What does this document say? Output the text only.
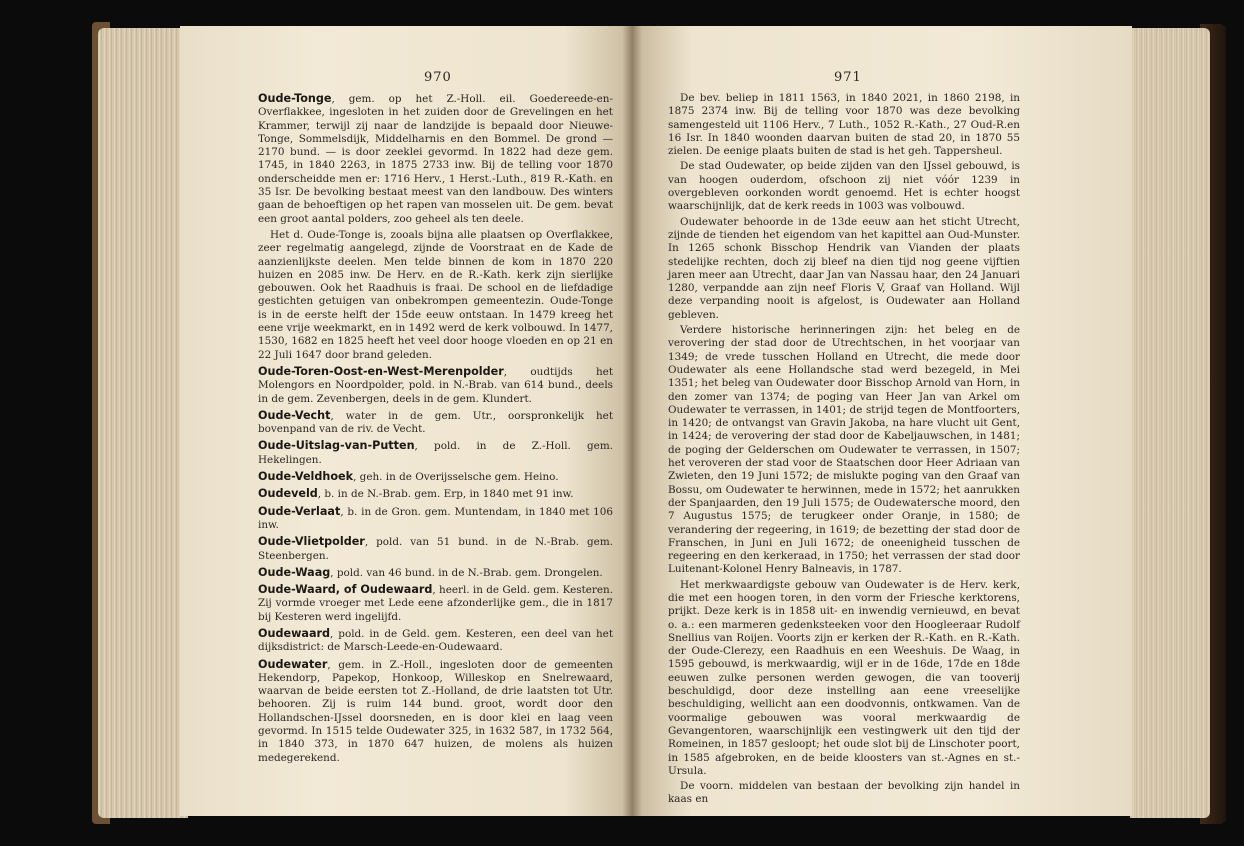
970	971

Oude-Tonge, gem. op het Z.-Holl. eil. Goedereede-en-Overflakkee, ingesloten in het zuiden door de Grevelingen en het Krammer, terwijl zij naar de landzijde is bepaald door Nieuwe-Tonge, Sommelsdijk, Middelharnis en den Bommel. De grond — 2170 bund. — is door zeeklei gevormd. In 1822 had deze gem. 1745, in 1840 2263, in 1875 2733 inw. Bij de telling voor 1870 onderscheidde men er: 1716 Herv., 1 Herst.-Luth., 819 R.-Kath. en 35 Isr. De bevolking bestaat meest van den landbouw. Des winters gaan de behoeftigen op het rapen van mosselen uit. De gem. bevat een groot aantal polders, zoo geheel als ten deele.

Het d. Oude-Tonge is, zooals bijna alle plaatsen op Overflakkee, zeer regelmatig aangelegd, zijnde de Voorstraat en de Kade de aanzienlijkste deelen. Men telde binnen de kom in 1870 220 huizen en 2085 inw. De Herv. en de R.-Kath. kerk zijn sierlijke gebouwen. Ook het Raadhuis is fraai. De school en de liefdadige gestichten getuigen van onbekrompen gemeentezin. Oude-Tonge is in de eerste helft der 15de eeuw ontstaan. In 1479 kreeg het eene vrije weekmarkt, en in 1492 werd de kerk volbouwd. In 1477, 1530, 1682 en 1825 heeft het veel door hooge vloeden en op 21 en 22 Juli 1647 door brand geleden.

Oude-Toren-Oost-en-West-Merenpolder, oudtijds het Molengors en Noordpolder, pold. in N.-Brab. van 614 bund., deels in de gem. Zevenbergen, deels in de gem. Klundert.

Oude-Vecht, water in de gem. Utr., oorspronkelijk het bovenpand van de riv. de Vecht.

Oude-Uitslag-van-Putten, pold. in de Z.-Holl. gem. Hekelingen.

Oude-Veldhoek, geh. in de Overijsselsche gem. Heino.

Oudeveld, b. in de N.-Brab. gem. Erp, in 1840 met 91 inw.

Oude-Verlaat, b. in de Gron. gem. Muntendam, in 1840 met 106 inw.

Oude-Vlietpolder, pold. van 51 bund. in de N.-Brab. gem. Steenbergen.

Oude-Waag, pold. van 46 bund. in de N.-Brab. gem. Drongelen.

Oude-Waard, of Oudewaard, heerl. in de Geld. gem. Kesteren. Zij vormde vroeger met Lede eene afzonderlijke gem., die in 1817 bij Kesteren werd ingelijfd.

Oudewaard, pold. in de Geld. gem. Kesteren, een deel van het dijksdistrict: de Marsch-Leede-en-Oudewaard.

Oudewater, gem. in Z.-Holl., ingesloten door de gemeenten Hekendorp, Papekop, Honkoop, Willeskop en Snelrewaard, waarvan de beide eersten tot Z.-Holland, de drie laatsten tot Utr. behooren. Zij is ruim 144 bund. groot, wordt door den Hollandschen-IJssel doorsneden, en is door klei en laag veen gevormd. In 1515 telde Oudewater 325, in 1632 587, in 1732 564, in 1840 373, in 1870 647 huizen, de molens als huizen medegerekend.

De bev. beliep in 1811 1563, in 1840 2021, in 1860 2198, in 1875 2374 inw. Bij de telling voor 1870 was deze bevolking samengesteld uit 1106 Herv., 7 Luth., 1052 R.-Kath., 27 Oud-R.en 16 Isr. In 1840 woonden daarvan buiten de stad 20, in 1870 55 zielen. De eenige plaats buiten de stad is het geh. Tappersheul.

De stad Oudewater, op beide zijden van den IJssel gebouwd, is van hoogen ouderdom, ofschoon zij niet vóór 1239 in overgebleven oorkonden wordt genoemd. Het is echter hoogst waarschijnlijk, dat de kerk reeds in 1003 was volbouwd.

Oudewater behoorde in de 13de eeuw aan het sticht Utrecht, zijnde de tienden het eigendom van het kapittel aan Oud-Munster. In 1265 schonk Bisschop Hendrik van Vianden der plaats stedelijke rechten, doch zij bleef na dien tijd nog geene vijftien jaren meer aan Utrecht, daar Jan van Nassau haar, den 24 Januari 1280, verpandde aan zijn neef Floris V, Graaf van Holland. Wijl deze verpanding nooit is afgelost, is Oudewater aan Holland gebleven.

Verdere historische herinneringen zijn: het beleg en de verovering der stad door de Utrechtschen, in het voorjaar van 1349; de vrede tusschen Holland en Utrecht, die mede door Oudewater als eene Hollandsche stad werd bezegeld, in Mei 1351; het beleg van Oudewater door Bisschop Arnold van Horn, in den zomer van 1374; de poging van Heer Jan van Arkel om Oudewater te verrassen, in 1401; de strijd tegen de Montfoorters, in 1420; de ontvangst van Gravin Jakoba, na hare vlucht uit Gent, in 1424; de verovering der stad door de Kabeljauwschen, in 1481; de poging der Gelderschen om Oudewater te verrassen, in 1507; het veroveren der stad voor de Staatschen door Heer Adriaan van Zwieten, den 19 Juni 1572; de mislukte poging van den Graaf van Bossu, om Oudewater te herwinnen, mede in 1572; het aanrukken der Spanjaarden, den 19 Juli 1575; de Oudewatersche moord, den 7 Augustus 1575; de terugkeer onder Oranje, in 1580; de verandering der regeering, in 1619; de bezetting der stad door de Franschen, in Juni en Juli 1672; de oneenigheid tusschen de regeering en den kerkeraad, in 1750; het verrassen der stad door Luitenant-Kolonel Henry Balneavis, in 1787.

Het merkwaardigste gebouw van Oudewater is de Herv. kerk, die met een hoogen toren, in den vorm der Friesche kerktorens, prijkt. Deze kerk is in 1858 uit- en inwendig vernieuwd, en bevat o. a.: een marmeren gedenksteeken voor den Hoogleeraar Rudolf Snellius van Roijen. Voorts zijn er kerken der R.-Kath. en R.-Kath. der Oude-Clerezy, een Raadhuis en een Weeshuis. De Waag, in 1595 gebouwd, is merkwaardig, wijl er in de 16de, 17de en 18de eeuwen zulke personen werden gewogen, die van tooverij beschuldigd, door deze instelling aan eene vreeselijke beschuldiging, wellicht aan een doodvonnis, ontkwamen. Van de voormalige gebouwen was vooral merkwaardig de Gevangentoren, waarschijnlijk een vestingwerk uit den tijd der Romeinen, in 1857 gesloopt; het oude slot bij de Linschoter poort, in 1585 afgebroken, en de beide kloosters van st.-Agnes en st.-Ursula.

De voorn. middelen van bestaan der bevolking zijn handel in kaas en
